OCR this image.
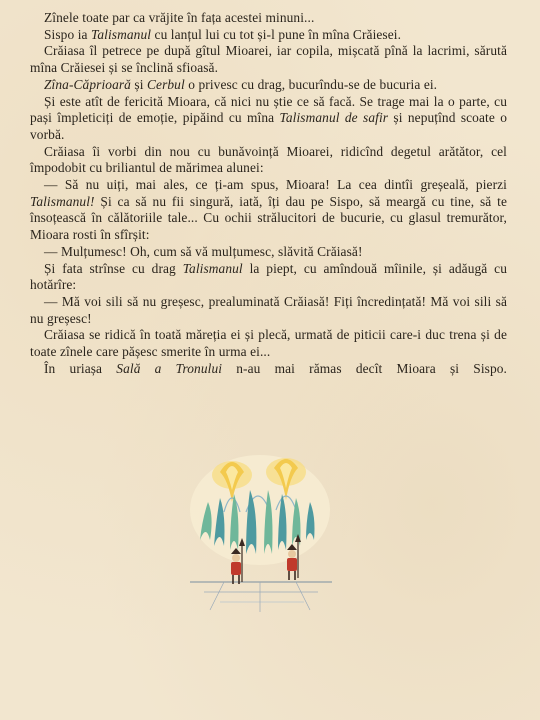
Zînele toate par ca vrăjite în fața acestei minuni...

Sispo ia Talismanul cu lanțul lui cu tot și-l pune în mîna Crăiesei.

Crăiasa îl petrece pe după gîtul Mioarei, iar copila, mișcată pînă la lacrimi, sărută mîna Crăiesei și se înclină sfioasă.

Zîna-Căprioară și Cerbul o privesc cu drag, bucurîndu-se de bucuria ei.

Și este atît de fericită Mioara, că nici nu știe ce să facă. Se trage mai la o parte, cu pași împleticiți de emoție, pipăind cu mîna Talismanul de safir și nepuțînd scoate o vorbă.

Crăiasa îi vorbi din nou cu bunăvoință Mioarei, ridicînd degetul arătător, cel împodobit cu briliantul de mărimea alunei:

— Să nu uiți, mai ales, ce ți-am spus, Mioara! La cea dintîi greșeală, pierzi Talismanul! Și ca să nu fii singură, iată, îți dau pe Sispo, să meargă cu tine, să te însoțească în călătoriile tale... Cu ochii strălucitori de bucurie, cu glasul tremurător, Mioara rosti în sfîrșit:

— Mulțumesc! Oh, cum să vă mulțumesc, slăvită Crăiasă!

Și fata strînse cu drag Talismanul la piept, cu amîndouă mîinile, și adăugă cu hotărîre:

— Mă voi sili să nu greșesc, prealuminată Crăiasă! Fiți încredințată! Mă voi sili să nu greșesc!

Crăiasa se ridică în toată măreția ei și plecă, urmată de piticii care-i duc trena și de toate zînele care pășesc smerite în urma ei...

În uriașa Sală a Tronului n-au mai rămas decît Mioara și Sispo.
